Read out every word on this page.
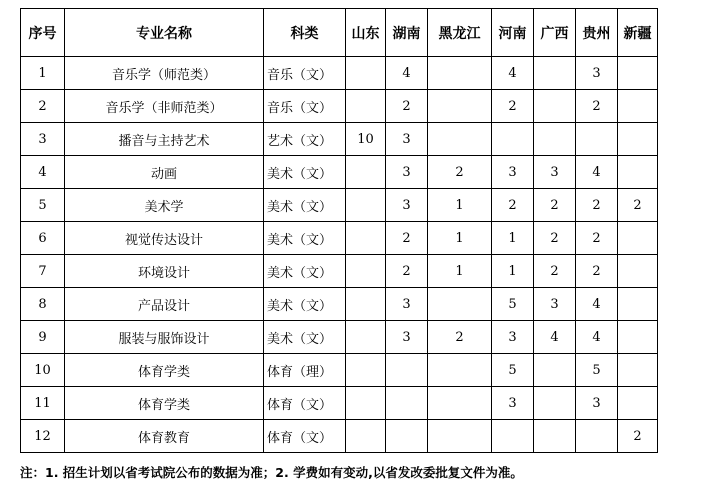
序号	专业名称	科类	山东	湖南	黑龙江	河南	广西	贵州	新疆
1	音乐学（师范类）	音乐（文）		4		4		3	
2	音乐学（非师范类）	音乐（文）		2		2		2	
3	播音与主持艺术	艺术（文）	10	3					
4	动画	美术（文）		3	2	3	3	4	
5	美术学	美术（文）		3	1	2	2	2	2
6	视觉传达设计	美术（文）		2	1	1	2	2	
7	环境设计	美术（文）		2	1	1	2	2	
8	产品设计	美术（文）		3		5	3	4	
9	服装与服饰设计	美术（文）		3	2	3	4	4	
10	体育学类	体育（理）				5		5	
11	体育学类	体育（文）				3		3	
12	体育教育	体育（文）							2
注：1. 招生计划以省考试院公布的数据为准；2. 学费如有变动,以省发改委批复文件为准。
